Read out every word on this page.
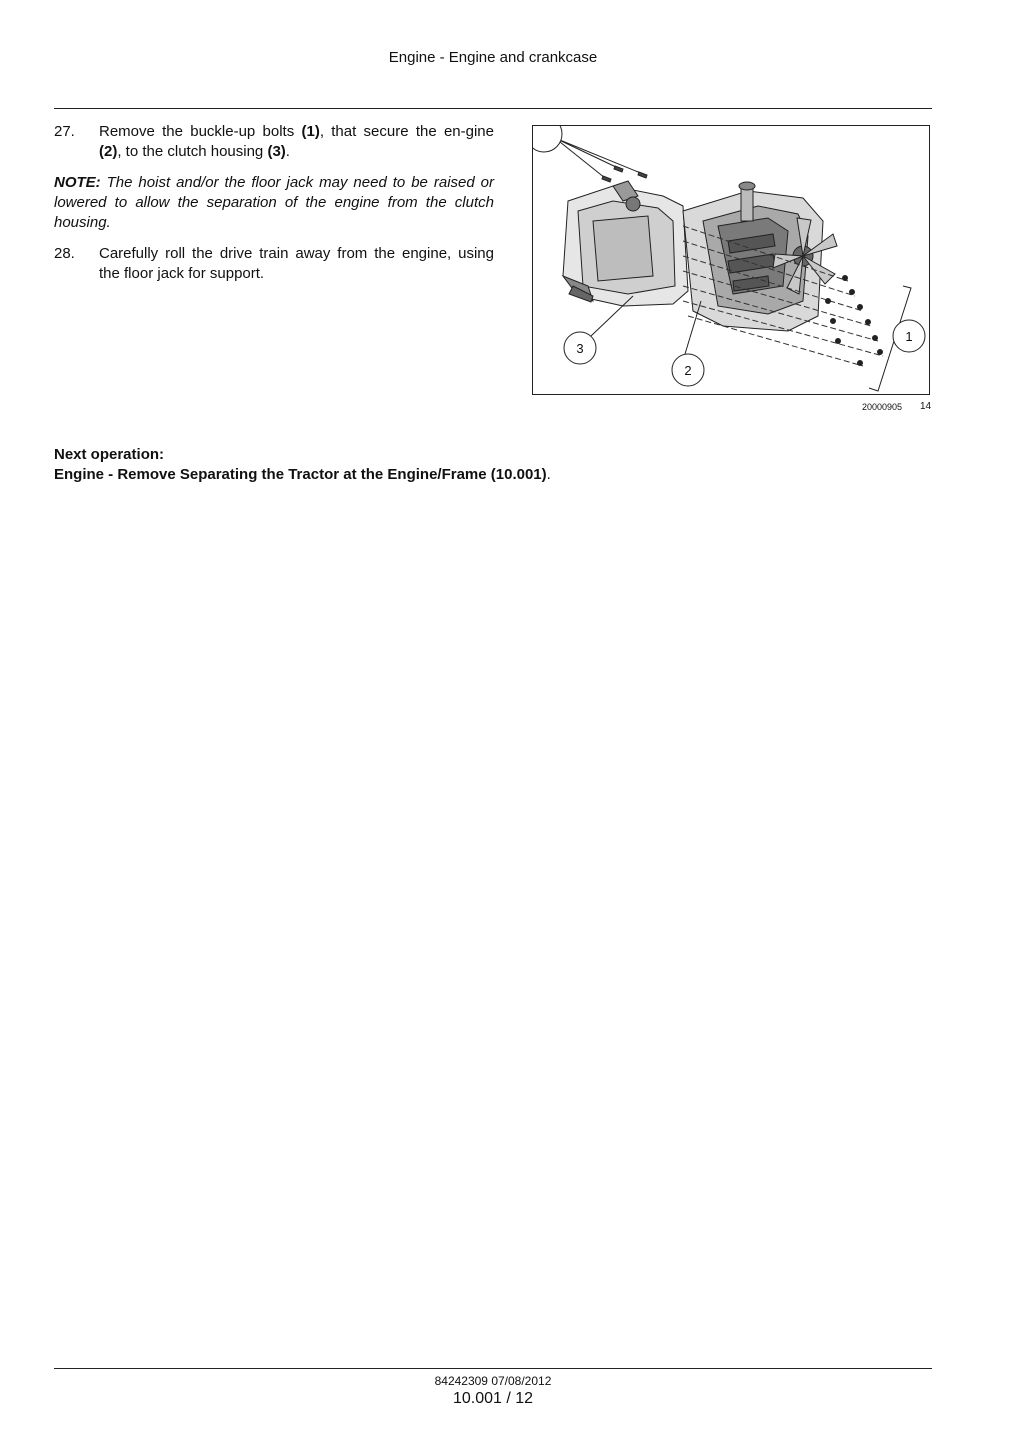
Engine - Engine and crankcase
27. Remove the buckle-up bolts (1), that secure the en-gine (2), to the clutch housing (3).
NOTE: The hoist and/or the floor jack may need to be raised or lowered to allow the separation of the engine from the clutch housing.
28. Carefully roll the drive train away from the engine, using the floor jack for support.
3
2
1
20000905 14
Next operation:
Engine - Remove Separating the Tractor at the Engine/Frame (10.001).
84242309 07/08/2012
10.001 / 12
